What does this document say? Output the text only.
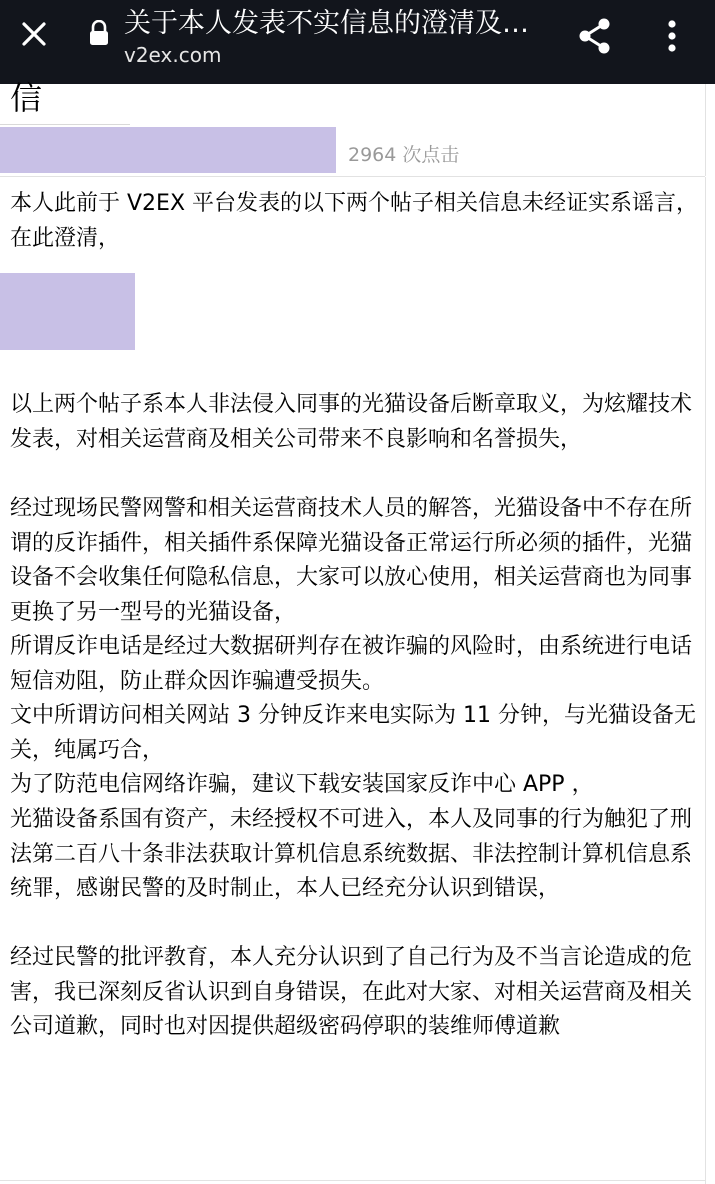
关于本人发表不实信息的澄清及…
v2ex.com
信
2964 次点击
本人此前于 V2EX 平台发表的以下两个帖子相关信息未经证实系谣言，在此澄清，
以上两个帖子系本人非法侵入同事的光猫设备后断章取义，为炫耀技术发表，对相关运营商及相关公司带来不良影响和名誉损失，
经过现场民警网警和相关运营商技术人员的解答，光猫设备中不存在所谓的反诈插件，相关插件系保障光猫设备正常运行所必须的插件，光猫设备不会收集任何隐私信息，大家可以放心使用，相关运营商也为同事更换了另一型号的光猫设备，
所谓反诈电话是经过大数据研判存在被诈骗的风险时，由系统进行电话短信劝阻，防止群众因诈骗遭受损失。
文中所谓访问相关网站 3 分钟反诈来电实际为 11 分钟，与光猫设备无关，纯属巧合，
为了防范电信网络诈骗，建议下载安装国家反诈中心 APP ，
光猫设备系国有资产，未经授权不可进入，本人及同事的行为触犯了刑法第二百八十条非法获取计算机信息系统数据、非法控制计算机信息系统罪，感谢民警的及时制止，本人已经充分认识到错误，
经过民警的批评教育，本人充分认识到了自己行为及不当言论造成的危害，我已深刻反省认识到自身错误，在此对大家、对相关运营商及相关公司道歉，同时也对因提供超级密码停职的装维师傅道歉
